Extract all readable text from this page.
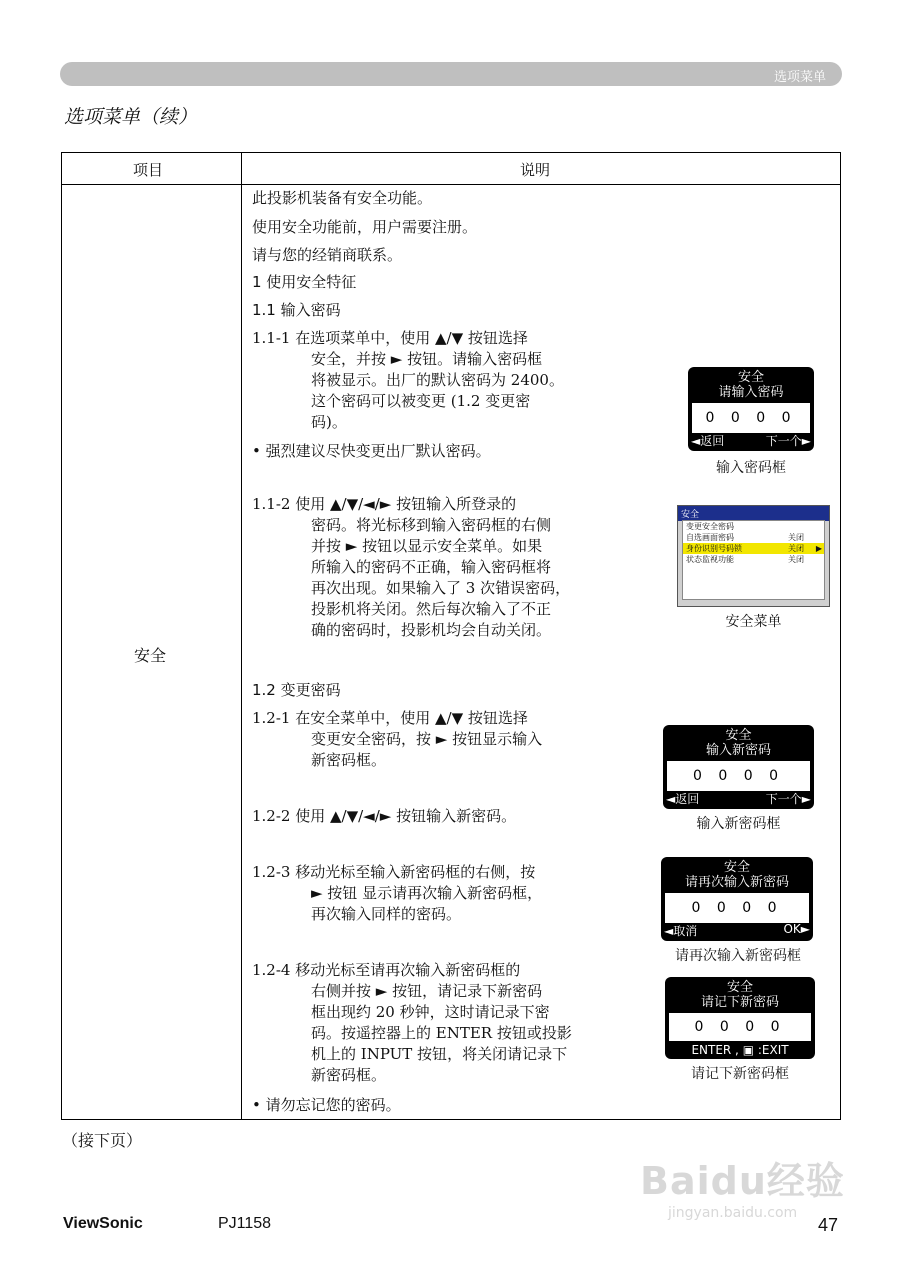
选项菜单
选项菜单（续）
项目	说明
安全
此投影机装备有安全功能。
使用安全功能前，用户需要注册。
请与您的经销商联系。
1 使用安全特征
1.1 输入密码
1.1-1 在选项菜单中，使用 ▲/▼ 按钮选择
安全，并按 ► 按钮。请输入密码框
将被显示。出厂的默认密码为 2400。
这个密码可以被变更 (1.2 变更密
码)。
• 强烈建议尽快变更出厂默认密码。
1.1-2 使用 ▲/▼/◄/► 按钮输入所登录的
密码。将光标移到输入密码框的右侧
并按 ► 按钮以显示安全菜单。如果
所输入的密码不正确，输入密码框将
再次出现。如果输入了 3 次错误密码，
投影机将关闭。然后每次输入了不正
确的密码时，投影机均会自动关闭。
1.2 变更密码
1.2-1 在安全菜单中，使用 ▲/▼ 按钮选择
变更安全密码，按 ► 按钮显示输入
新密码框。
1.2-2 使用 ▲/▼/◄/► 按钮输入新密码。
1.2-3 移动光标至输入新密码框的右侧，按
► 按钮 显示请再次输入新密码框，
再次输入同样的密码。
1.2-4 移动光标至请再次输入新密码框的
右侧并按 ► 按钮，请记录下新密码
框出现约 20 秒钟，这时请记录下密
码。按遥控器上的 ENTER 按钮或投影
机上的 INPUT 按钮，将关闭请记录下
新密码框。
• 请勿忘记您的密码。
安全
请输入密码
0 0 0 0
◄返回	下一个►
输入密码框
安全
变更安全密码
自选画面密码	关闭
身份识别号码锁	关闭 ▶
状态监视功能	关闭
安全菜单
安全
输入新密码
0 0 0 0
◄返回	下一个►
输入新密码框
安全
请再次输入新密码
0 0 0 0
◄取消	OK►
请再次输入新密码框
安全
请记下新密码
0 0 0 0
ENTER , ▣ :EXIT
请记下新密码框
（接下页）
Baidu经验
jingyan.baidu.com
ViewSonic	PJ1158	47
